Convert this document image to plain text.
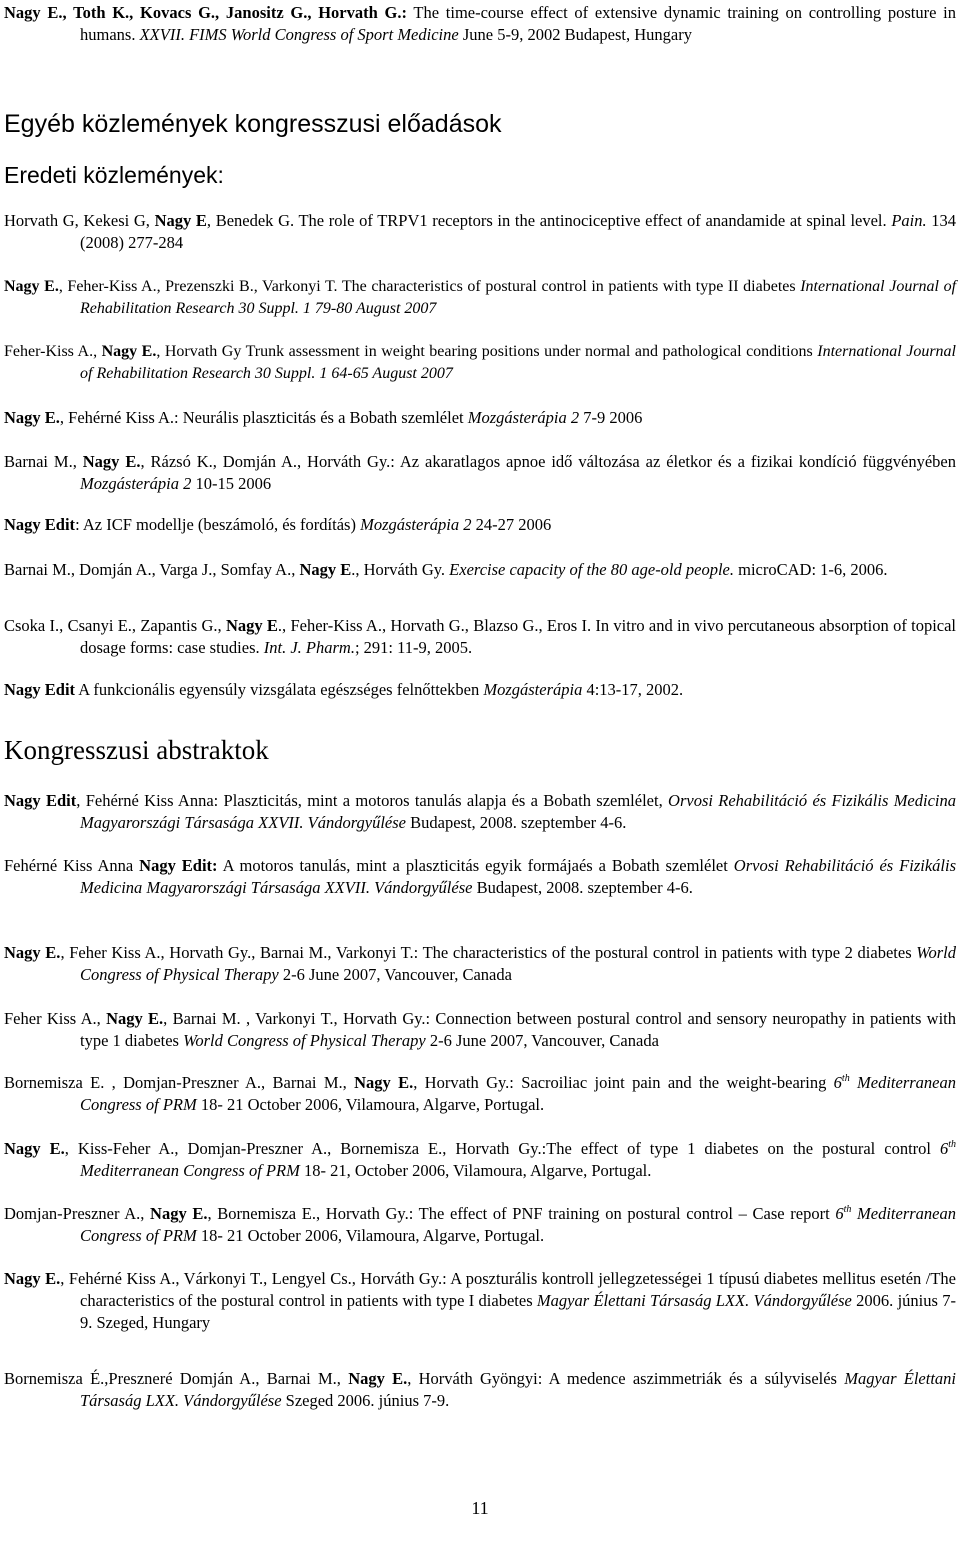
Nagy E., Toth K., Kovacs G., Janositz G., Horvath G.: The time-course effect of extensive dynamic training on controlling posture in humans. XXVII. FIMS World Congress of Sport Medicine June 5-9, 2002 Budapest, Hungary
Egyéb közlemények kongresszusi előadások
Eredeti közlemények:
Horvath G, Kekesi G, Nagy E, Benedek G. The role of TRPV1 receptors in the antinociceptive effect of anandamide at spinal level. Pain. 134 (2008) 277-284
Nagy E., Feher-Kiss A., Prezenszki B., Varkonyi T. The characteristics of postural control in patients with type II diabetes International Journal of Rehabilitation Research 30 Suppl. 1 79-80 August 2007
Feher-Kiss A., Nagy E., Horvath Gy Trunk assessment in weight bearing positions under normal and pathological conditions International Journal of Rehabilitation Research 30 Suppl. 1 64-65 August 2007
Nagy E., Fehérné Kiss A.: Neurális plaszticitás és a Bobath szemlélet Mozgásterápia 2 7-9 2006
Barnai M., Nagy E., Rázsó K., Domján A., Horváth Gy.: Az akaratlagos apnoe idő változása az életkor és a fizikai kondíció függvényében Mozgásterápia 2 10-15 2006
Nagy Edit: Az ICF modellje (beszámoló, és fordítás) Mozgásterápia 2 24-27 2006
Barnai M., Domján A., Varga J., Somfay A., Nagy E., Horváth Gy. Exercise capacity of the 80 age-old people. microCAD: 1-6, 2006.
Csoka I., Csanyi E., Zapantis G., Nagy E., Feher-Kiss A., Horvath G., Blazso G., Eros I. In vitro and in vivo percutaneous absorption of topical dosage forms: case studies. Int. J. Pharm.; 291: 11-9, 2005.
Nagy Edit A funkcionális egyensúly vizsgálata egészséges felnőttekben Mozgásterápia 4:13-17, 2002.
Kongresszusi abstraktok
Nagy Edit, Fehérné Kiss Anna: Plaszticitás, mint a motoros tanulás alapja és a Bobath szemlélet, Orvosi Rehabilitáció és Fizikális Medicina Magyarországi Társasága XXVII. Vándorgyűlése Budapest, 2008. szeptember 4-6.
Fehérné Kiss Anna Nagy Edit: A motoros tanulás, mint a plaszticitás egyik formájaés a Bobath szemlélet Orvosi Rehabilitáció és Fizikális Medicina Magyarországi Társasága XXVII. Vándorgyűlése Budapest, 2008. szeptember 4-6.
Nagy E., Feher Kiss A., Horvath Gy., Barnai M., Varkonyi T.: The characteristics of the postural control in patients with type 2 diabetes World Congress of Physical Therapy 2-6 June 2007, Vancouver, Canada
Feher Kiss A., Nagy E., Barnai M. , Varkonyi T., Horvath Gy.: Connection between postural control and sensory neuropathy in patients with type 1 diabetes World Congress of Physical Therapy 2-6 June 2007, Vancouver, Canada
Bornemisza E. , Domjan-Preszner A., Barnai M., Nagy E., Horvath Gy.: Sacroiliac joint pain and the weight-bearing 6th Mediterranean Congress of PRM 18- 21 October 2006, Vilamoura, Algarve, Portugal.
Nagy E., Kiss-Feher A., Domjan-Preszner A., Bornemisza E., Horvath Gy.:The effect of type 1 diabetes on the postural control 6th Mediterranean Congress of PRM 18- 21, October 2006, Vilamoura, Algarve, Portugal.
Domjan-Preszner A., Nagy E., Bornemisza E., Horvath Gy.: The effect of PNF training on postural control – Case report 6th Mediterranean Congress of PRM 18- 21 October 2006, Vilamoura, Algarve, Portugal.
Nagy E., Fehérné Kiss A., Várkonyi T., Lengyel Cs., Horváth Gy.: A poszturális kontroll jellegzetességei 1 típusú diabetes mellitus esetén /The characteristics of the postural control in patients with type I diabetes Magyar Élettani Társaság LXX. Vándorgyűlése 2006. június 7-9. Szeged, Hungary
Bornemisza É.,Preszneré Domján A., Barnai M., Nagy E., Horváth Gyöngyi: A medence aszimmetriák és a súlyviselés Magyar Élettani Társaság LXX. Vándorgyűlése Szeged 2006. június 7-9.
11
